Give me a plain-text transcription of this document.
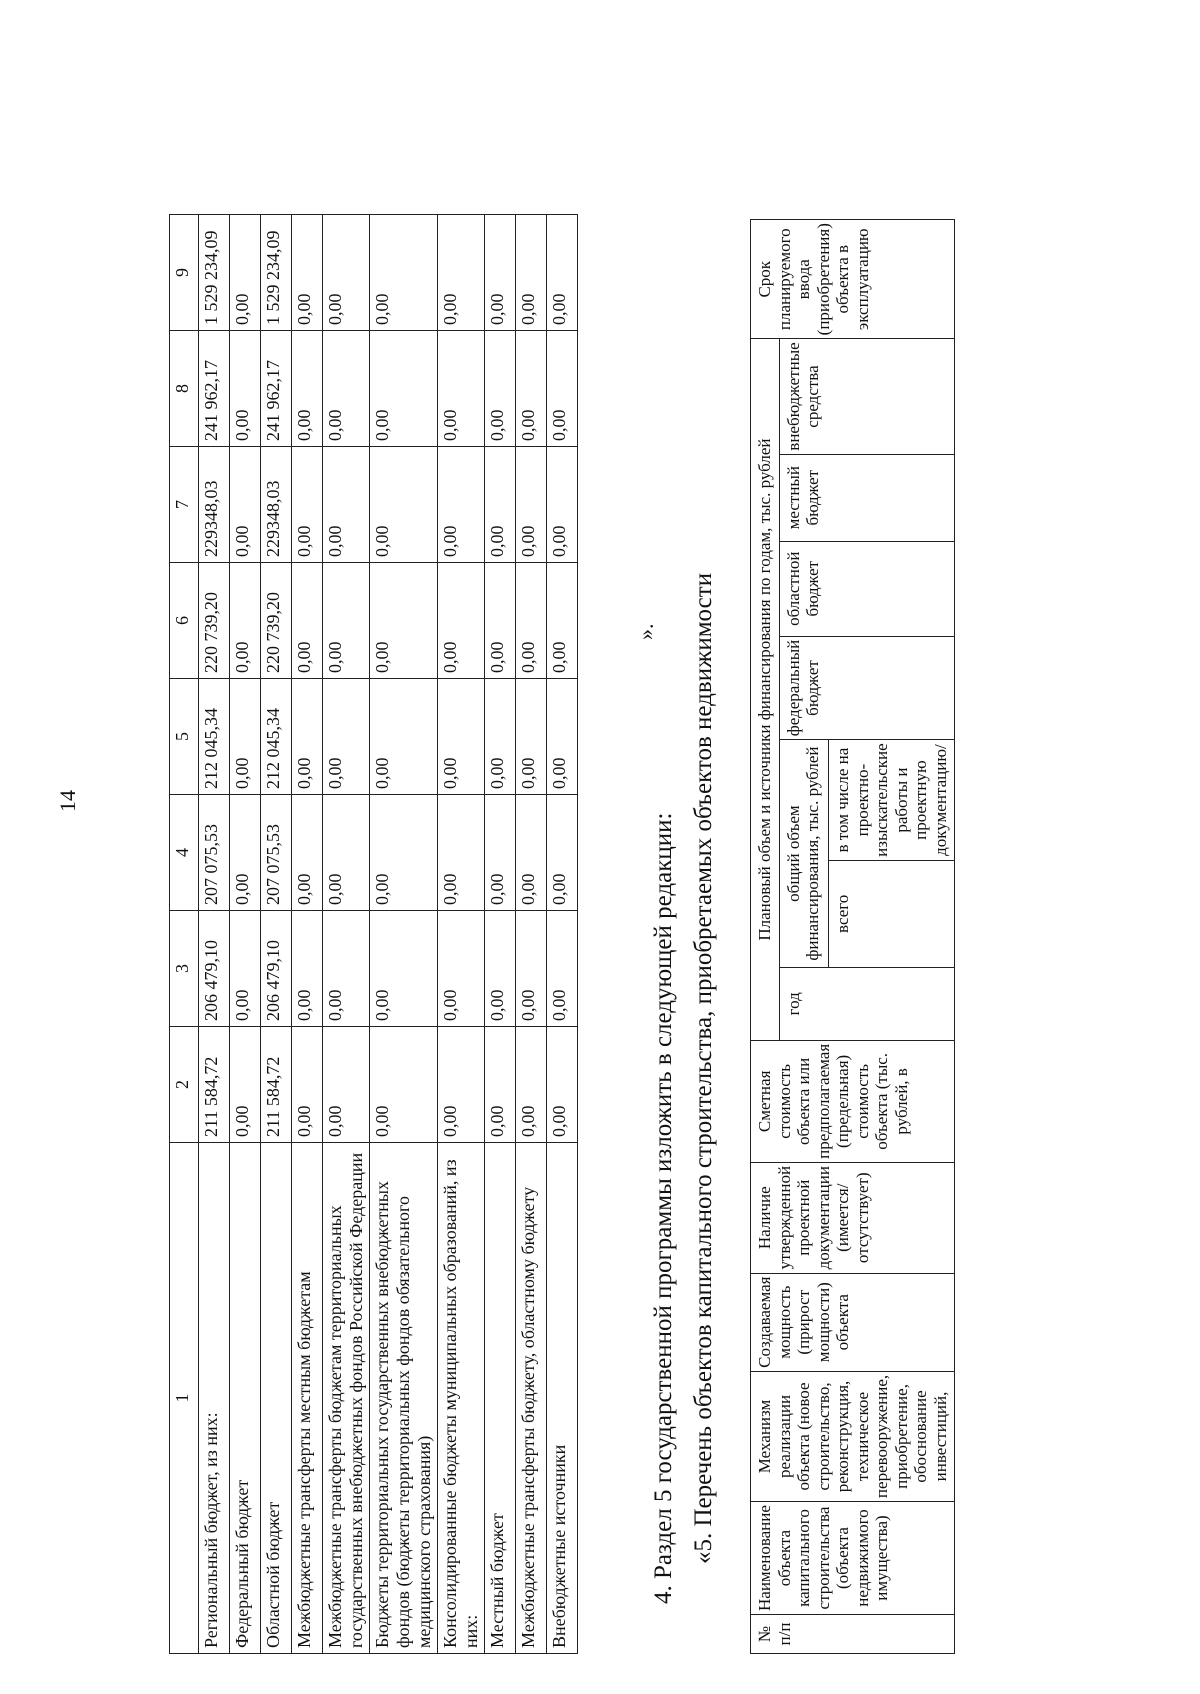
14
1	2	3	4	5	6	7	8	9
Региональный бюджет, из них:	211 584,72	206 479,10	207 075,53	212 045,34	220 739,20	229348,03	241 962,17	1 529 234,09
Федеральный бюджет	0,00	0,00	0,00	0,00	0,00	0,00	0,00	0,00
Областной бюджет	211 584,72	206 479,10	207 075,53	212 045,34	220 739,20	229348,03	241 962,17	1 529 234,09
Межбюджетные трансферты местным бюджетам	0,00	0,00	0,00	0,00	0,00	0,00	0,00	0,00
Межбюджетные трансферты бюджетам территориальных государственных внебюджетных фондов Российской Федерации	0,00	0,00	0,00	0,00	0,00	0,00	0,00	0,00
Бюджеты территориальных государственных внебюджетных фондов (бюджеты территориальных фондов обязательного медицинского страхования)	0,00	0,00	0,00	0,00	0,00	0,00	0,00	0,00
Консолидированные бюджеты муниципальных образований, из них:	0,00	0,00	0,00	0,00	0,00	0,00	0,00	0,00
Местный бюджет	0,00	0,00	0,00	0,00	0,00	0,00	0,00	0,00
Межбюджетные трансферты бюджету, областному бюджету	0,00	0,00	0,00	0,00	0,00	0,00	0,00	0,00
Внебюджетные источники	0,00	0,00	0,00	0,00	0,00	0,00	0,00	0,00
».
4. Раздел 5 государственной программы изложить в следующей редакции: «5. Перечень объектов капитального строительства, приобретаемых объектов недвижимости
№ п/п	Наименование объекта капитального строительства (объекта недвижимого имущества)	Механизм реализации объекта (новое строительство, реконструкция, техническое перевооружение, приобретение, обоснование инвестиций,	Создаваемая мощность (прирост мощности) объекта	Наличие утвержденной проектной документации (имеется/отсутствует)	Сметная стоимость объекта или предполагаемая (предельная) стоимость объекта (тыс. рублей, в	Плановый объем и источники финансирования по годам, тыс. рублей							Срок планируемого ввода (приобретения) объекта в эксплуатацию
						год	общий объем финансирования, тыс. рублей		федеральный бюджет	областной бюджет	местный бюджет	внебюджетные средства	
							всего	в том числе на проектно-изыскательские работы и проектную документацию/					
